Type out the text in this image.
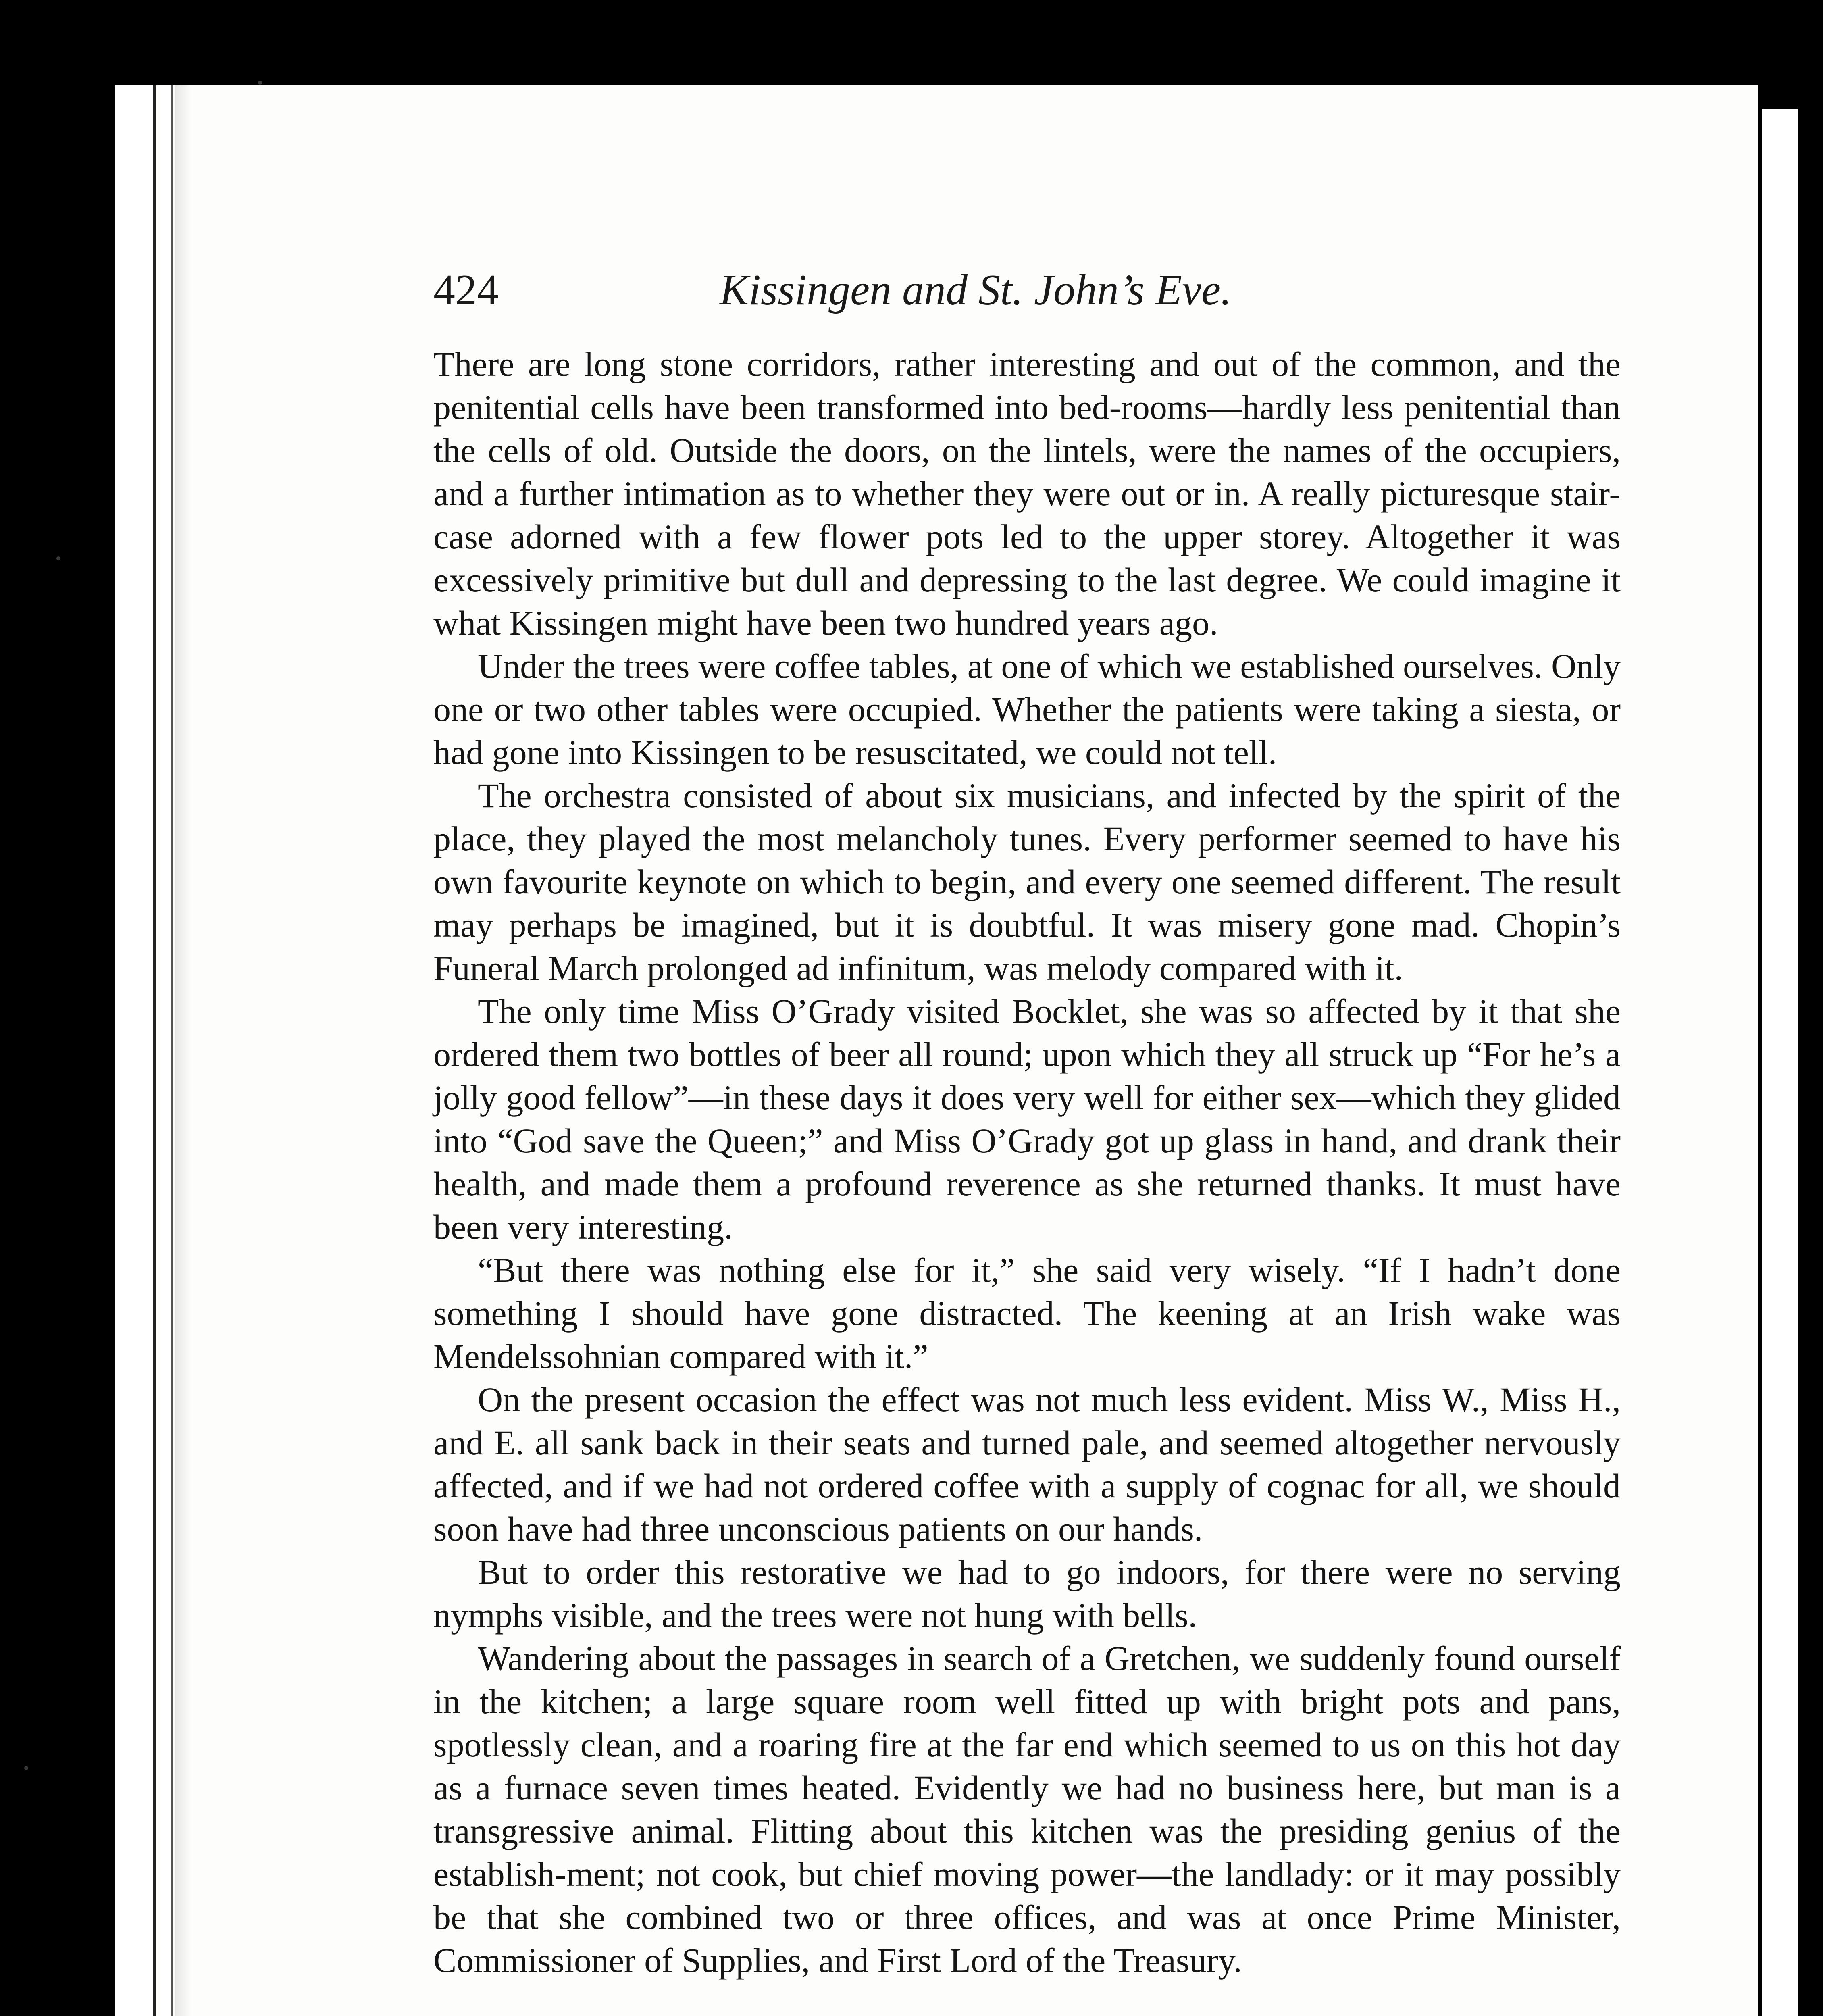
424	Kissingen and St. John’s Eve.

There are long stone corridors, rather interesting and out of the common, and the penitential cells have been transformed into bed-rooms—hardly less penitential than the cells of old. Outside the doors, on the lintels, were the names of the occupiers, and a further intimation as to whether they were out or in. A really picturesque stair-case adorned with a few flower pots led to the upper storey. Altogether it was excessively primitive but dull and depressing to the last degree. We could imagine it what Kissingen might have been two hundred years ago.

Under the trees were coffee tables, at one of which we established ourselves. Only one or two other tables were occupied. Whether the patients were taking a siesta, or had gone into Kissingen to be resuscitated, we could not tell.

The orchestra consisted of about six musicians, and infected by the spirit of the place, they played the most melancholy tunes. Every performer seemed to have his own favourite keynote on which to begin, and every one seemed different. The result may perhaps be imagined, but it is doubtful. It was misery gone mad. Chopin’s Funeral March prolonged ad infinitum, was melody compared with it.

The only time Miss O’Grady visited Bocklet, she was so affected by it that she ordered them two bottles of beer all round; upon which they all struck up “For he’s a jolly good fellow”—in these days it does very well for either sex—which they glided into “God save the Queen;” and Miss O’Grady got up glass in hand, and drank their health, and made them a profound reverence as she returned thanks. It must have been very interesting.

“But there was nothing else for it,” she said very wisely. “If I hadn’t done something I should have gone distracted. The keening at an Irish wake was Mendelssohnian compared with it.”

On the present occasion the effect was not much less evident. Miss W., Miss H., and E. all sank back in their seats and turned pale, and seemed altogether nervously affected, and if we had not ordered coffee with a supply of cognac for all, we should soon have had three unconscious patients on our hands.

But to order this restorative we had to go indoors, for there were no serving nymphs visible, and the trees were not hung with bells.

Wandering about the passages in search of a Gretchen, we suddenly found ourself in the kitchen; a large square room well fitted up with bright pots and pans, spotlessly clean, and a roaring fire at the far end which seemed to us on this hot day as a furnace seven times heated. Evidently we had no business here, but man is a transgressive animal. Flitting about this kitchen was the presiding genius of the establish-ment; not cook, but chief moving power—the landlady: or it may possibly be that she combined two or three offices, and was at once Prime Minister, Commissioner of Supplies, and First Lord of the Treasury.
